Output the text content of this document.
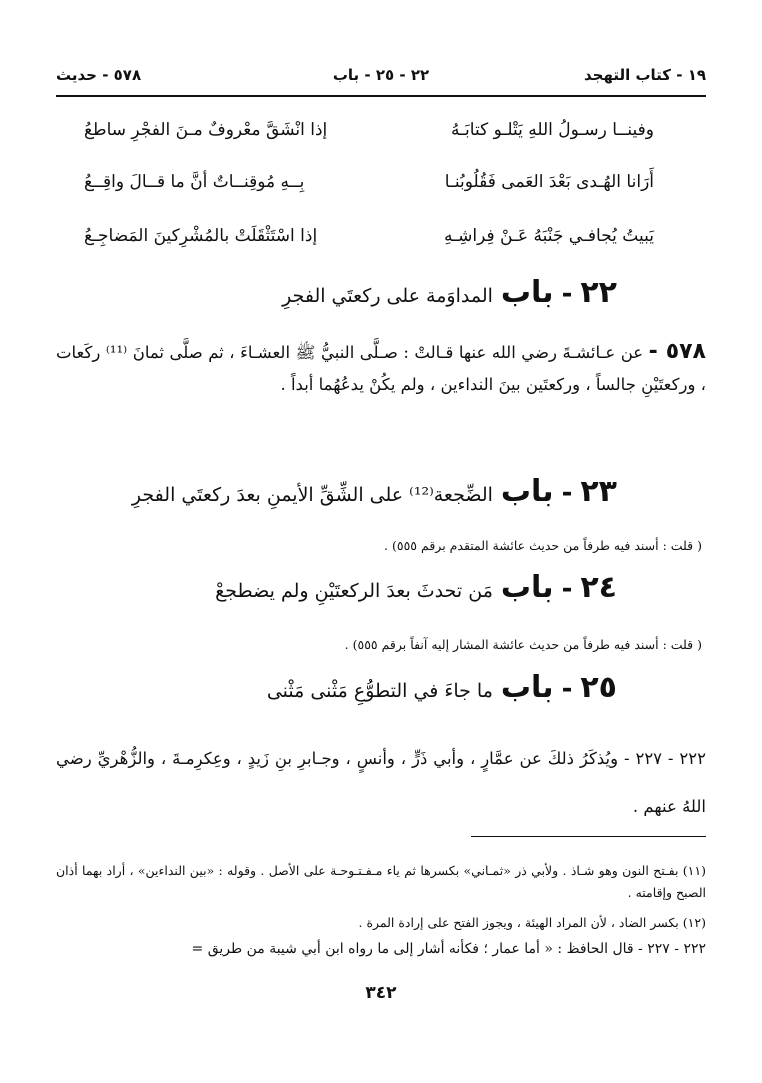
١٩ - كتاب التهجد
٢٢ - ٢٥ - باب
٥٧٨ - حديث
وفينــا رسـولُ اللهِ يَتْلـو كتابَـهُ
إذا انْشَقَّ معْروفٌ مـنَ الفجْرِ ساطعُ
أَرَانا الهُـدى بَعْدَ العَمى فَقُلُوبُنـا
بِــهِ مُوقِنــاتٌ أنَّ ما قــالَ واقِــعُ
يَبيتُ يُجافـي جَنْبَهُ عَـنْ فِراشِـهِ
إذا اسْتَثْقَلَتْ بالمُشْرِكينَ المَضاجِـعُ
٢٢
-
باب
المداوَمة على ركعتَي الفجرِ
٥٧٨ - عن عـائشـةَ رضي الله عنها قـالتْ : صـلَّى النبيُّ ﷺ العشـاءَ ، ثم صلَّى ثمانَ ⁽¹¹⁾ ركَعات ، وركعتَيْنِ جالساً ، وركعتَين بينَ النداءين ، ولم يكُنْ يدعُهُما أبداً .
٢٣
-
باب
الضِّجعة⁽¹²⁾ على الشِّقِّ الأيمنِ بعدَ ركعتَي الفجرِ
( قلت : أسند فيه طرفاً من حديث عائشة المتقدم برقم ٥٥٥) .
٢٤
-
باب
مَن تحدثَ بعدَ الركعتَيْنِ ولم يضطجعْ
( قلت : أسند فيه طرفاً من حديث عائشة المشار إليه آنفاً برقم ٥٥٥) .
٢٥
-
باب
ما جاءَ في التطوُّعِ مَثْنى مَثْنى
٢٢٢ - ٢٢٧ - ويُذكَرُ ذلكَ عن عمَّارٍ ، وأبي ذَرٍّ ، وأنسٍ ، وجـابرِ بنِ زَيدٍ ، وعِكرِمـةَ ، والزُّهْريِّ رضي اللهُ عنهم .
(١١) بفـتح النون وهو شـاذ . ولأبي ذر «ثمـاني» بكسرها ثم ياء مـفـتـوحـة على الأصل . وقوله : «بين النداءين» ، أراد بهما أذان الصبح وإقامته .
(١٢) بكسر الضاد ، لأن المراد الهيئة ، ويجوز الفتح على إرادة المرة .
٢٢٢ - ٢٢٧ - قال الحافظ : « أما عمار ؛ فكأنه أشار إلى ما رواه ابن أبي شيبة من طريق =
٣٤٢
